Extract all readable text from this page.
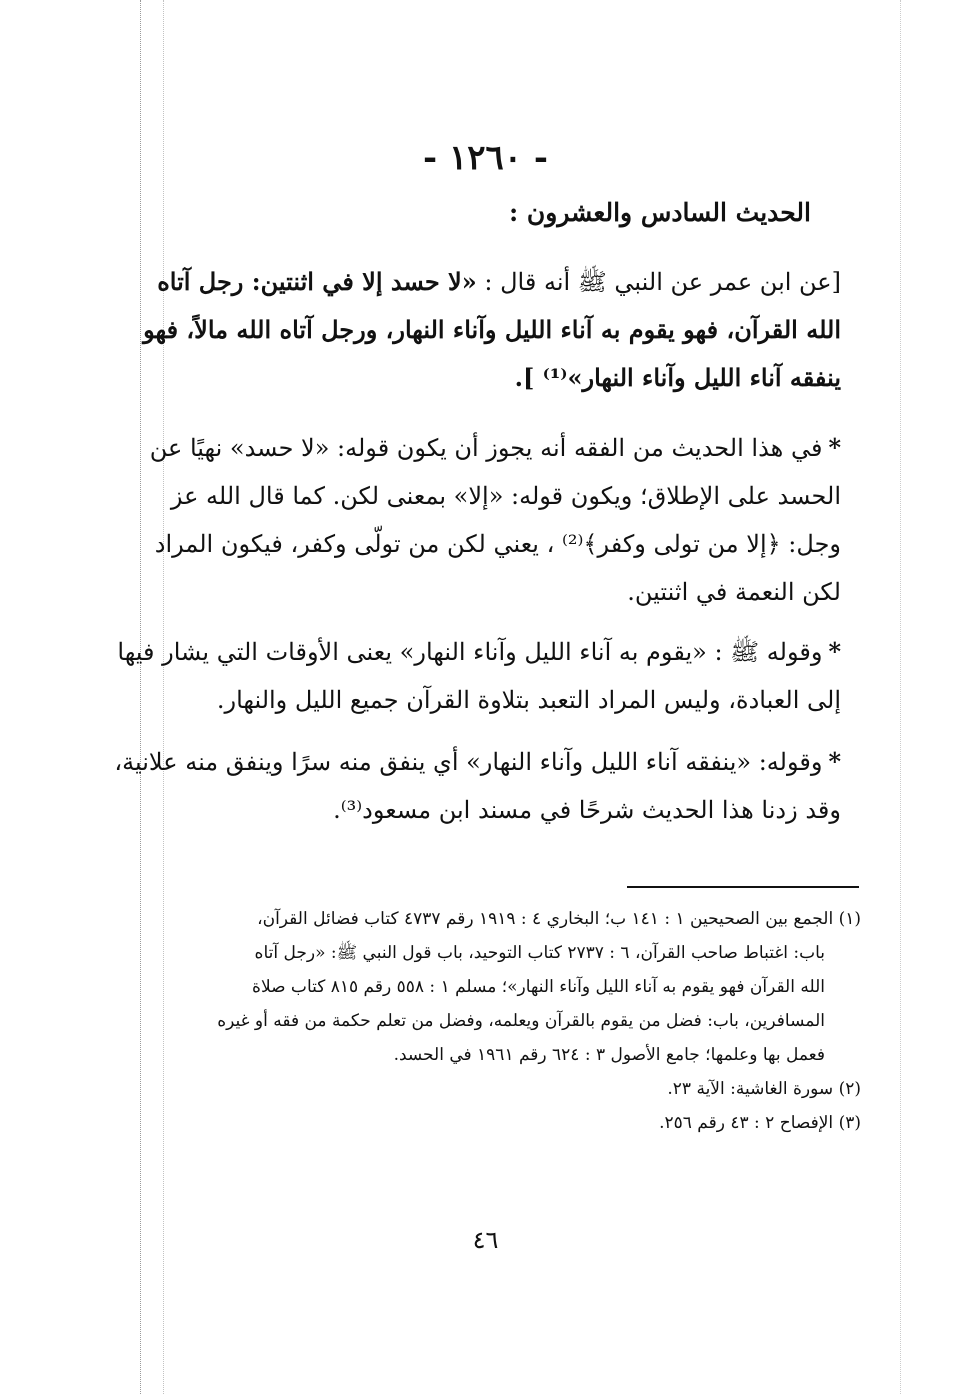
- ١٢٦٠ -
الحديث السادس والعشرون :
[عن ابن عمر عن النبي ﷺ أنه قال : «لا حسد إلا في اثنتين: رجل آتاه
الله القرآن، فهو يقوم به آناء الليل وآناء النهار، ورجل آتاه الله مالاً، فهو
ينفقه آناء الليل وآناء النهار»⁽¹⁾ ].
*في هذا الحديث من الفقه أنه يجوز أن يكون قوله: «لا حسد» نهيًا عن
الحسد على الإطلاق؛ ويكون قوله: «إلا» بمعنى لكن. كما قال الله عز
وجل: ﴿إلا من تولى وكفر﴾⁽²⁾ ، يعني لكن من تولّى وكفر، فيكون المراد
لكن النعمة في اثنتين.
*وقوله ﷺ : «يقوم به آناء الليل وآناء النهار» يعنى الأوقات التي يشار فيها
إلى العبادة، وليس المراد التعبد بتلاوة القرآن جميع الليل والنهار.
*وقوله: «ينفقه آناء الليل وآناء النهار» أي ينفق منه سرًا وينفق منه علانية،
وقد زدنا هذا الحديث شرحًا في مسند ابن مسعود⁽³⁾.
(١) الجمع بين الصحيحين ١ : ١٤١ ب؛ البخاري ٤ : ١٩١٩ رقم ٤٧٣٧ كتاب فضائل القرآن،
باب: اغتباط صاحب القرآن، ٦ : ٢٧٣٧ كتاب التوحيد، باب قول النبي ﷺ: «رجل آتاه
الله القرآن فهو يقوم به آناء الليل وآناء النهار»؛ مسلم ١ : ٥٥٨ رقم ٨١٥ كتاب صلاة
المسافرين، باب: فضل من يقوم بالقرآن ويعلمه، وفضل من تعلم حكمة من فقه أو غيره
فعمل بها وعلمها؛ جامع الأصول ٣ : ٦٢٤ رقم ١٩٦١ في الحسد.
(٢) سورة الغاشية: الآية ٢٣.
(٣) الإفصاح ٢ : ٤٣ رقم ٢٥٦.
٤٦
